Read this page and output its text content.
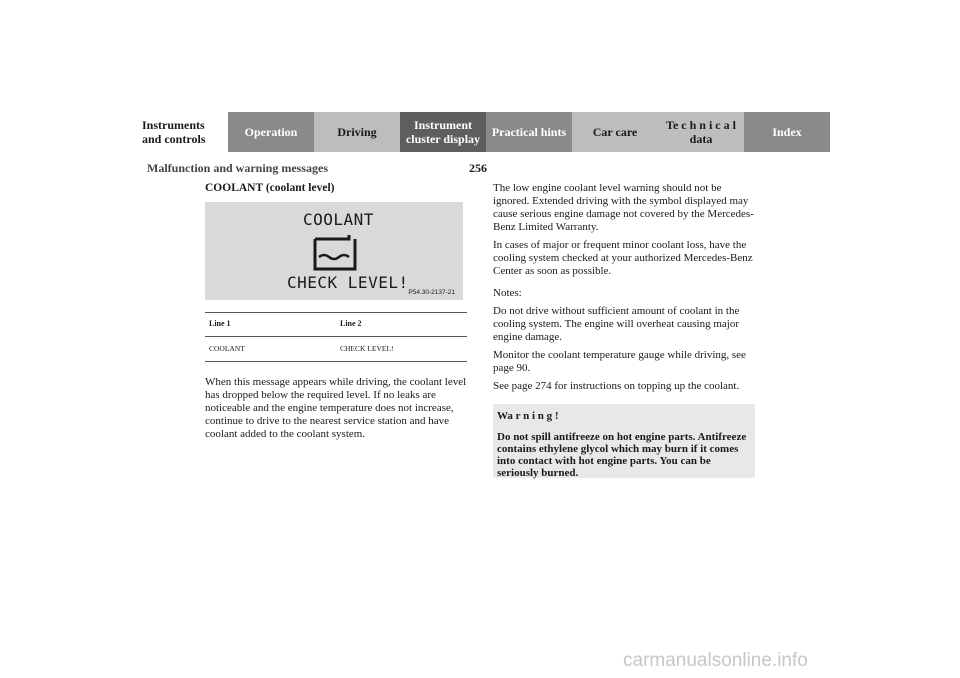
Instruments
and controls	Operation	Driving	Instrument
cluster display Practical hints Car care Te c h n i c a l
data	Index
Malfunction and warning messages	256
COOLANT (coolant level)
COOLANT
CHECK LEVEL!
P54.30-2137-21
Line 1	Line 2
COOLANT	CHECK LEVEL!

When this message appears while driving, the coolant level has dropped below the required level. If no leaks are noticeable and the engine temperature does not increase, continue to drive to the nearest service station and have coolant added to the coolant system.

The low engine coolant level warning should not be ignored. Extended driving with the symbol displayed may cause serious engine damage not covered by the Mercedes-Benz Limited Warranty.

In cases of major or frequent minor coolant loss, have the cooling system checked at your authorized Mercedes-Benz Center as soon as possible.

Notes:

Do not drive without sufficient amount of coolant in the cooling system. The engine will overheat causing major engine damage.

Monitor the coolant temperature gauge while driving, see page 90.

See page 274 for instructions on topping up the coolant.

Wa r n i n g !

Do not spill antifreeze on hot engine parts. Antifreeze contains ethylene glycol which may burn if it comes into contact with hot engine parts. You can be seriously burned.

carmanualsonline.info
